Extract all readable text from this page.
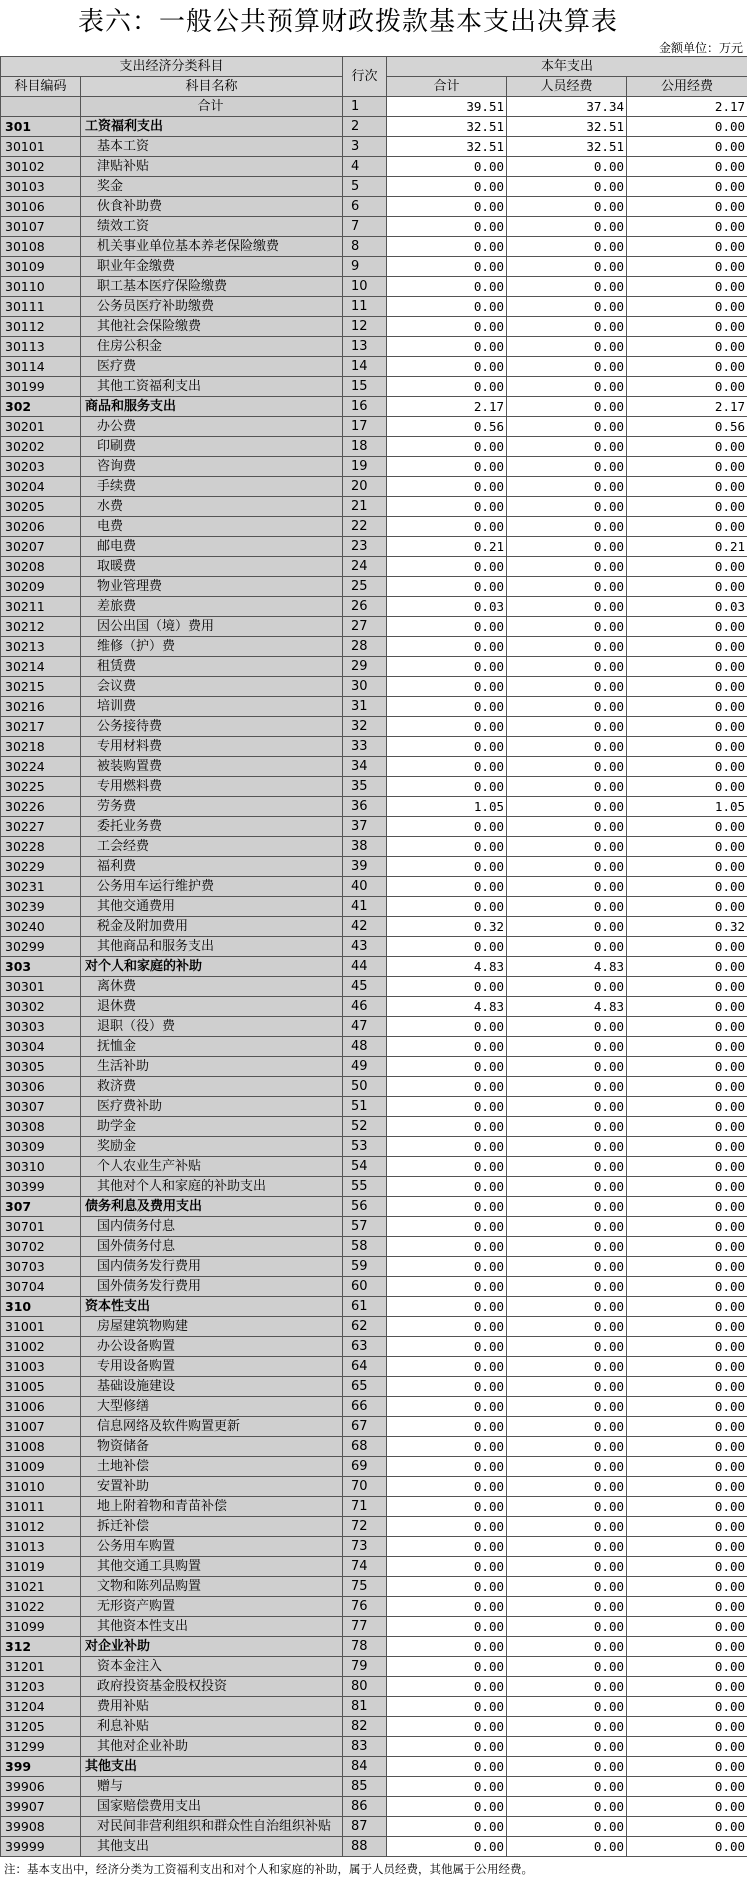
表六：一般公共预算财政拨款基本支出决算表
金额单位：万元
支出经济分类科目		行次	本年支出		
科目编码	科目名称		合计	人员经费	公用经费
	合计	1	39.51	37.34	2.17
301	工资福利支出	2	32.51	32.51	0.00
30101	基本工资	3	32.51	32.51	0.00
30102	津贴补贴	4	0.00	0.00	0.00
30103	奖金	5	0.00	0.00	0.00
30106	伙食补助费	6	0.00	0.00	0.00
30107	绩效工资	7	0.00	0.00	0.00
30108	机关事业单位基本养老保险缴费	8	0.00	0.00	0.00
30109	职业年金缴费	9	0.00	0.00	0.00
30110	职工基本医疗保险缴费	10	0.00	0.00	0.00
30111	公务员医疗补助缴费	11	0.00	0.00	0.00
30112	其他社会保险缴费	12	0.00	0.00	0.00
30113	住房公积金	13	0.00	0.00	0.00
30114	医疗费	14	0.00	0.00	0.00
30199	其他工资福利支出	15	0.00	0.00	0.00
302	商品和服务支出	16	2.17	0.00	2.17
30201	办公费	17	0.56	0.00	0.56
30202	印刷费	18	0.00	0.00	0.00
30203	咨询费	19	0.00	0.00	0.00
30204	手续费	20	0.00	0.00	0.00
30205	水费	21	0.00	0.00	0.00
30206	电费	22	0.00	0.00	0.00
30207	邮电费	23	0.21	0.00	0.21
30208	取暖费	24	0.00	0.00	0.00
30209	物业管理费	25	0.00	0.00	0.00
30211	差旅费	26	0.03	0.00	0.03
30212	因公出国（境）费用	27	0.00	0.00	0.00
30213	维修（护）费	28	0.00	0.00	0.00
30214	租赁费	29	0.00	0.00	0.00
30215	会议费	30	0.00	0.00	0.00
30216	培训费	31	0.00	0.00	0.00
30217	公务接待费	32	0.00	0.00	0.00
30218	专用材料费	33	0.00	0.00	0.00
30224	被装购置费	34	0.00	0.00	0.00
30225	专用燃料费	35	0.00	0.00	0.00
30226	劳务费	36	1.05	0.00	1.05
30227	委托业务费	37	0.00	0.00	0.00
30228	工会经费	38	0.00	0.00	0.00
30229	福利费	39	0.00	0.00	0.00
30231	公务用车运行维护费	40	0.00	0.00	0.00
30239	其他交通费用	41	0.00	0.00	0.00
30240	税金及附加费用	42	0.32	0.00	0.32
30299	其他商品和服务支出	43	0.00	0.00	0.00
303	对个人和家庭的补助	44	4.83	4.83	0.00
30301	离休费	45	0.00	0.00	0.00
30302	退休费	46	4.83	4.83	0.00
30303	退职（役）费	47	0.00	0.00	0.00
30304	抚恤金	48	0.00	0.00	0.00
30305	生活补助	49	0.00	0.00	0.00
30306	救济费	50	0.00	0.00	0.00
30307	医疗费补助	51	0.00	0.00	0.00
30308	助学金	52	0.00	0.00	0.00
30309	奖励金	53	0.00	0.00	0.00
30310	个人农业生产补贴	54	0.00	0.00	0.00
30399	其他对个人和家庭的补助支出	55	0.00	0.00	0.00
307	债务利息及费用支出	56	0.00	0.00	0.00
30701	国内债务付息	57	0.00	0.00	0.00
30702	国外债务付息	58	0.00	0.00	0.00
30703	国内债务发行费用	59	0.00	0.00	0.00
30704	国外债务发行费用	60	0.00	0.00	0.00
310	资本性支出	61	0.00	0.00	0.00
31001	房屋建筑物购建	62	0.00	0.00	0.00
31002	办公设备购置	63	0.00	0.00	0.00
31003	专用设备购置	64	0.00	0.00	0.00
31005	基础设施建设	65	0.00	0.00	0.00
31006	大型修缮	66	0.00	0.00	0.00
31007	信息网络及软件购置更新	67	0.00	0.00	0.00
31008	物资储备	68	0.00	0.00	0.00
31009	土地补偿	69	0.00	0.00	0.00
31010	安置补助	70	0.00	0.00	0.00
31011	地上附着物和青苗补偿	71	0.00	0.00	0.00
31012	拆迁补偿	72	0.00	0.00	0.00
31013	公务用车购置	73	0.00	0.00	0.00
31019	其他交通工具购置	74	0.00	0.00	0.00
31021	文物和陈列品购置	75	0.00	0.00	0.00
31022	无形资产购置	76	0.00	0.00	0.00
31099	其他资本性支出	77	0.00	0.00	0.00
312	对企业补助	78	0.00	0.00	0.00
31201	资本金注入	79	0.00	0.00	0.00
31203	政府投资基金股权投资	80	0.00	0.00	0.00
31204	费用补贴	81	0.00	0.00	0.00
31205	利息补贴	82	0.00	0.00	0.00
31299	其他对企业补助	83	0.00	0.00	0.00
399	其他支出	84	0.00	0.00	0.00
39906	赠与	85	0.00	0.00	0.00
39907	国家赔偿费用支出	86	0.00	0.00	0.00
39908	对民间非营利组织和群众性自治组织补贴	87	0.00	0.00	0.00
39999	其他支出	88	0.00	0.00	0.00
注：基本支出中，经济分类为工资福利支出和对个人和家庭的补助，属于人员经费，其他属于公用经费。
